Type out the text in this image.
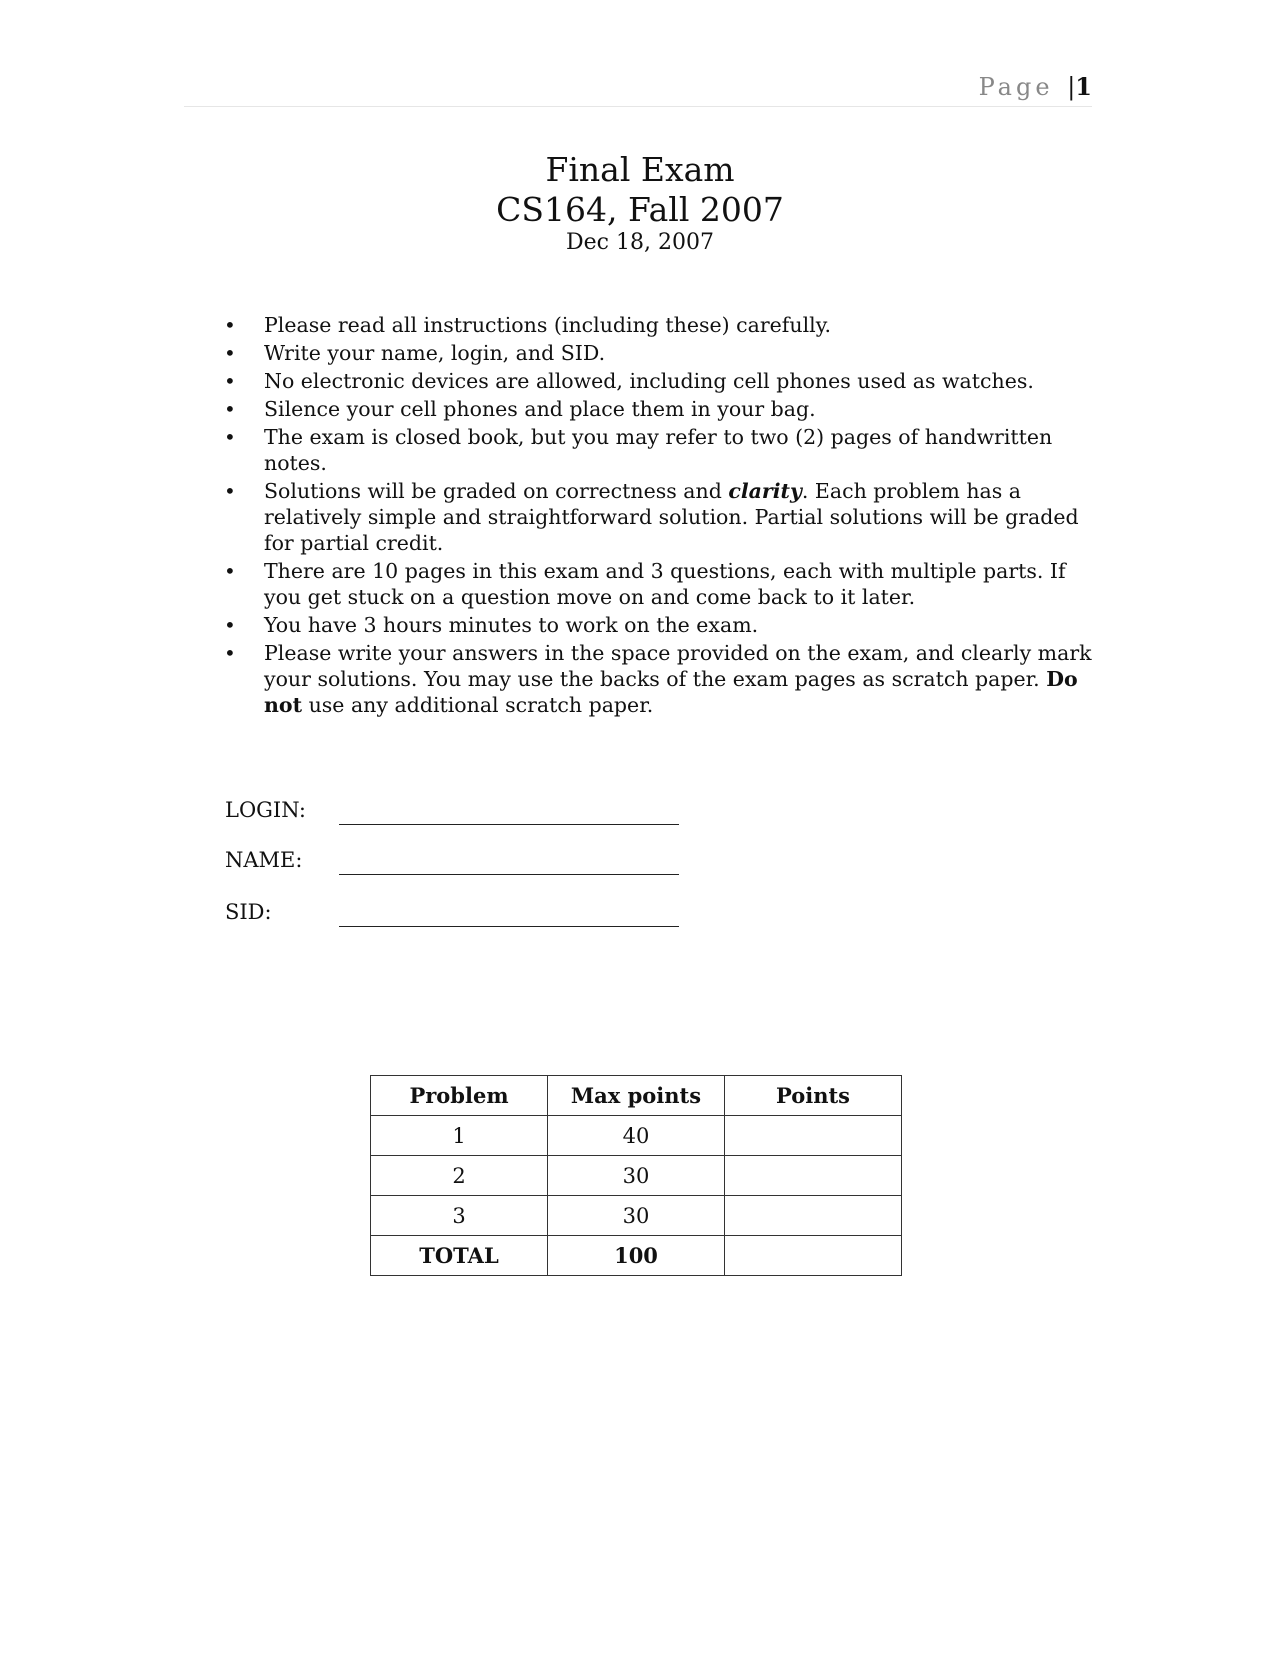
Page |1
Final Exam
CS164, Fall 2007
Dec 18, 2007
• Please read all instructions (including these) carefully.
• Write your name, login, and SID.
• No electronic devices are allowed, including cell phones used as watches.
• Silence your cell phones and place them in your bag.
• The exam is closed book, but you may refer to two (2) pages of handwritten notes.
• Solutions will be graded on correctness and clarity. Each problem has a relatively simple and straightforward solution. Partial solutions will be graded for partial credit.
• There are 10 pages in this exam and 3 questions, each with multiple parts. If you get stuck on a question move on and come back to it later.
• You have 3 hours minutes to work on the exam.
• Please write your answers in the space provided on the exam, and clearly mark your solutions. You may use the backs of the exam pages as scratch paper. Do not use any additional scratch paper.
LOGIN:
NAME:
SID:
Problem	Max points	Points
1	40	
2	30	
3	30	
TOTAL	100	
